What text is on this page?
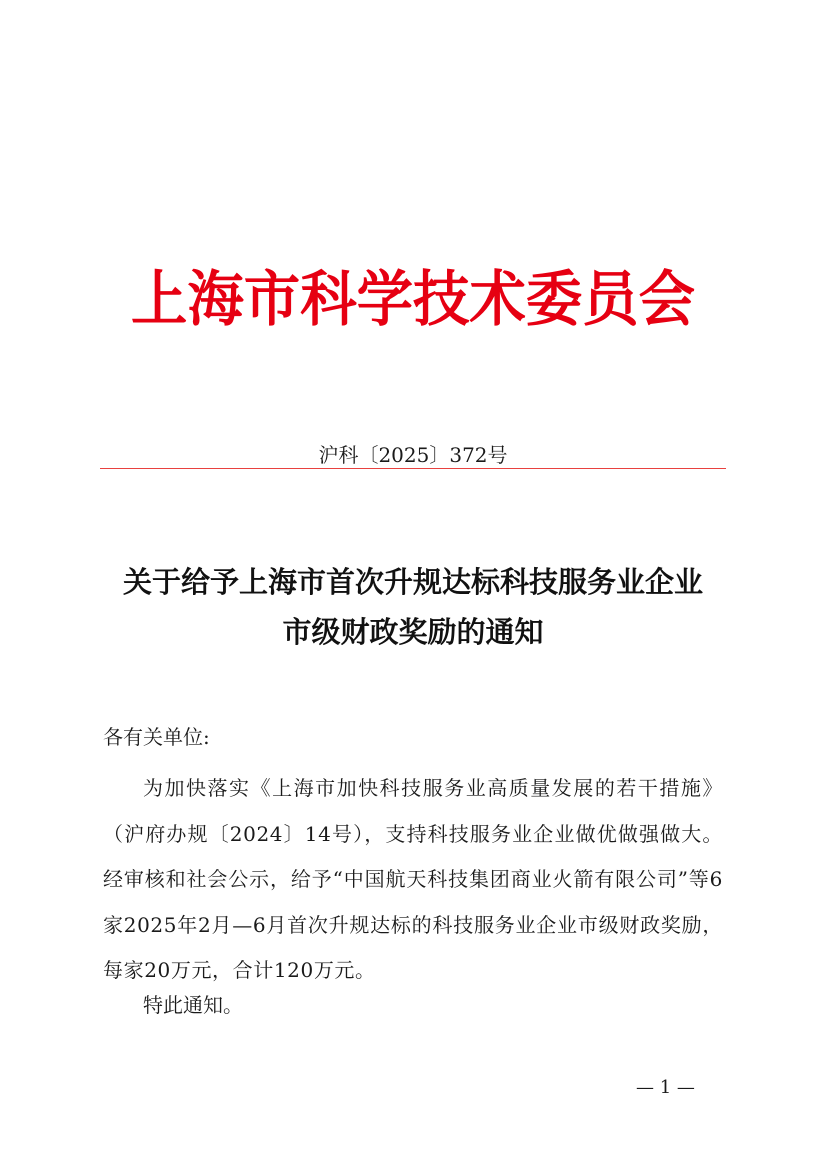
上海市科学技术委员会
沪科〔2025〕372号
关于给予上海市首次升规达标科技服务业企业
市级财政奖励的通知
各有关单位:

为加快落实《上海市加快科技服务业高质量发展的若干措施》（沪府办规〔2024〕14号），支持科技服务业企业做优做强做大。经审核和社会公示，给予“中国航天科技集团商业火箭有限公司”等6家2025年2月—6月首次升规达标的科技服务业企业市级财政奖励，每家20万元，合计120万元。

特此通知。
— 1 —
